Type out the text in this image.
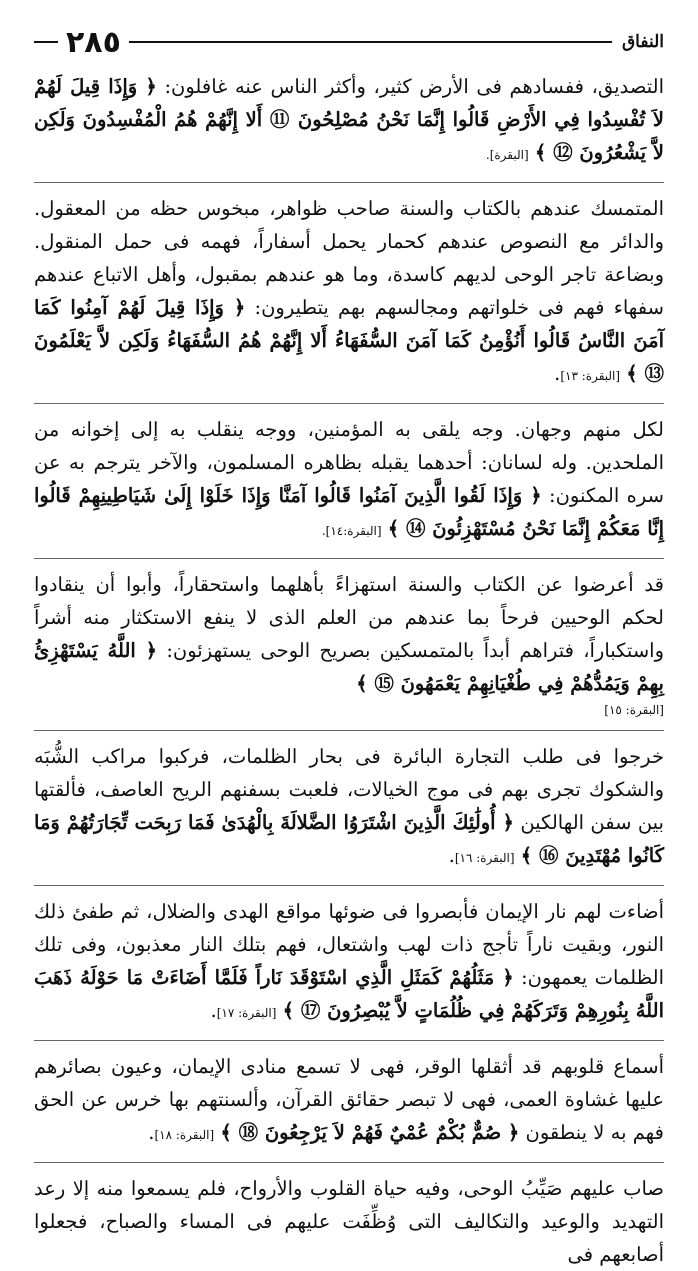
النفاق
٢٨٥

التصديق، ففسادهم فى الأرض كثير، وأكثر الناس عنه غافلون: ﴿ وَإِذَا قِيلَ لَهُمْ لاَ تُفْسِدُوا فِي الأَرْضِ قَالُوا إِنَّمَا نَحْنُ مُصْلِحُونَ ⑪ أَلا إِنَّهُمْ هُمُ الْمُفْسِدُونَ وَلَكِن لاَّ يَشْعُرُونَ ⑫ ﴾ [البقرة].

المتمسك عندهم بالكتاب والسنة صاحب ظواهر، مبخوس حظه من المعقول. والدائر مع النصوص عندهم كحمار يحمل أسفاراً، فهمه فى حمل المنقول. وبضاعة تاجر الوحى لديهم كاسدة، وما هو عندهم بمقبول، وأهل الاتباع عندهم سفهاء فهم فى خلواتهم ومجالسهم بهم يتطيرون: ﴿ وَإِذَا قِيلَ لَهُمْ آمِنُوا كَمَا آمَنَ النَّاسُ قَالُوا أَنُؤْمِنُ كَمَا آمَنَ السُّفَهَاءُ أَلا إِنَّهُمْ هُمُ السُّفَهَاءُ وَلَكِن لاَّ يَعْلَمُونَ ⑬ ﴾ [البقرة: ١٣].

لكل منهم وجهان. وجه يلقى به المؤمنين، ووجه ينقلب به إلى إخوانه من الملحدين. وله لسانان: أحدهما يقبله بظاهره المسلمون، والآخر يترجم به عن سره المكنون: ﴿ وَإِذَا لَقُوا الَّذِينَ آمَنُوا قَالُوا آمَنَّا وَإِذَا خَلَوْا إِلَىٰ شَيَاطِينِهِمْ قَالُوا إِنَّا مَعَكُمْ إِنَّمَا نَحْنُ مُسْتَهْزِئُونَ ⑭ ﴾ [البقرة:١٤].

قد أعرضوا عن الكتاب والسنة استهزاءً بأهلهما واستحقاراً، وأبوا أن ينقادوا لحكم الوحيين فرحاً بما عندهم من العلم الذى لا ينفع الاستكثار منه أشراً واستكباراً، فتراهم أبداً بالمتمسكين بصريح الوحى يستهزئون: ﴿ اللَّهُ يَسْتَهْزِئُ بِهِمْ وَيَمُدُّهُمْ فِي طُغْيَانِهِمْ يَعْمَهُونَ ⑮ ﴾

[البقرة: ١٥]

خرجوا فى طلب التجارة البائرة فى بحار الظلمات، فركبوا مراكب الشُّبَه والشكوك تجرى بهم فى موج الخيالات، فلعبت بسفنهم الريح العاصف، فألقتها بين سفن الهالكين ﴿ أُولَٰئِكَ الَّذِينَ اشْتَرَوُا الضَّلالَةَ بِالْهُدَىٰ فَمَا رَبِحَت تِّجَارَتُهُمْ وَمَا كَانُوا مُهْتَدِينَ ⑯ ﴾ [البقرة: ١٦].

أضاءت لهم نار الإيمان فأبصروا فى ضوئها مواقع الهدى والضلال، ثم طفئ ذلك النور، وبقيت ناراً تأجج ذات لهب واشتعال، فهم بتلك النار معذبون، وفى تلك الظلمات يعمهون: ﴿ مَثَلُهُمْ كَمَثَلِ الَّذِي اسْتَوْقَدَ نَاراً فَلَمَّا أَضَاءَتْ مَا حَوْلَهُ ذَهَبَ اللَّهُ بِنُورِهِمْ وَتَرَكَهُمْ فِي ظُلُمَاتٍ لاَّ يُبْصِرُونَ ⑰ ﴾ [البقرة: ١٧].

أسماع قلوبهم قد أثقلها الوقر، فهى لا تسمع منادى الإيمان، وعيون بصائرهم عليها غشاوة العمى، فهى لا تبصر حقائق القرآن، وألسنتهم بها خرس عن الحق فهم به لا ينطقون ﴿ صُمٌّ بُكْمٌ عُمْيٌ فَهُمْ لاَ يَرْجِعُونَ ⑱ ﴾ [البقرة: ١٨].

صاب عليهم صَيِّبُ الوحى، وفيه حياة القلوب والأرواح، فلم يسمعوا منه إلا رعد التهديد والوعيد والتكاليف التى وُظِّفَت عليهم فى المساء والصباح، فجعلوا أصابعهم فى
